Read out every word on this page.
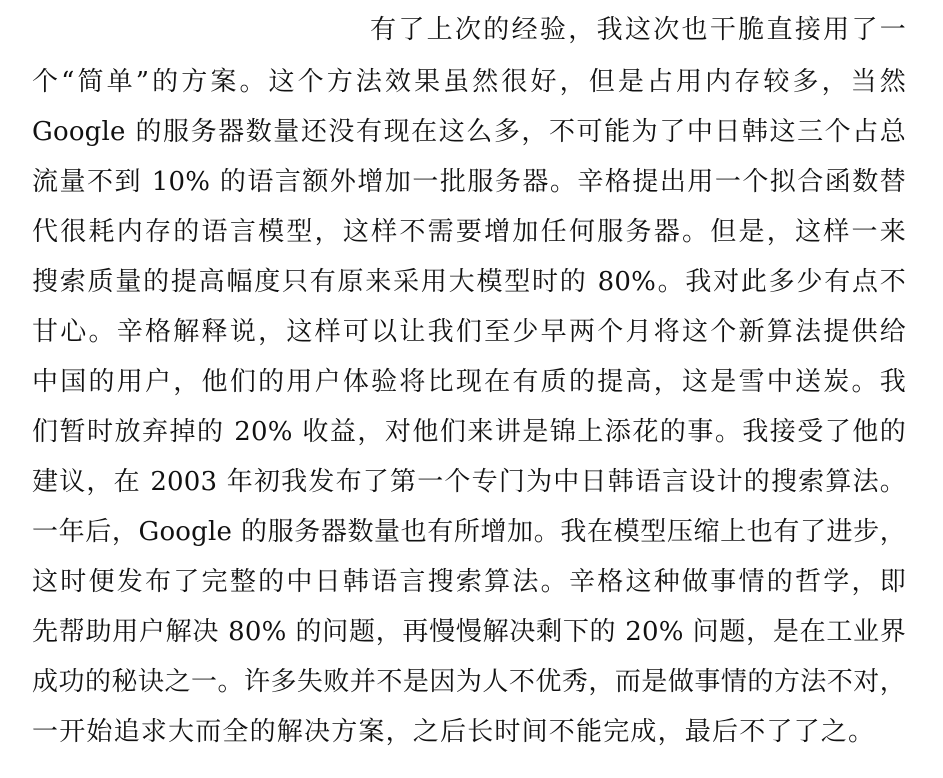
有了上次的经验，我这次也干脆直接用了一

个“简单”的方案。这个方法效果虽然很好，但是占用内存较多，当然

Google 的服务器数量还没有现在这么多，不可能为了中日韩这三个占总

流量不到 10% 的语言额外增加一批服务器。辛格提出用一个拟合函数替

代很耗内存的语言模型，这样不需要增加任何服务器。但是，这样一来

搜索质量的提高幅度只有原来采用大模型时的 80%。我对此多少有点不

甘心。辛格解释说，这样可以让我们至少早两个月将这个新算法提供给

中国的用户，他们的用户体验将比现在有质的提高，这是雪中送炭。我

们暂时放弃掉的 20% 收益，对他们来讲是锦上添花的事。我接受了他的

建议，在 2003 年初我发布了第一个专门为中日韩语言设计的搜索算法。

一年后，Google 的服务器数量也有所增加。我在模型压缩上也有了进步，

这时便发布了完整的中日韩语言搜索算法。辛格这种做事情的哲学，即

先帮助用户解决 80% 的问题，再慢慢解决剩下的 20% 问题，是在工业界

成功的秘诀之一。许多失败并不是因为人不优秀，而是做事情的方法不对，

一开始追求大而全的解决方案，之后长时间不能完成，最后不了了之。
